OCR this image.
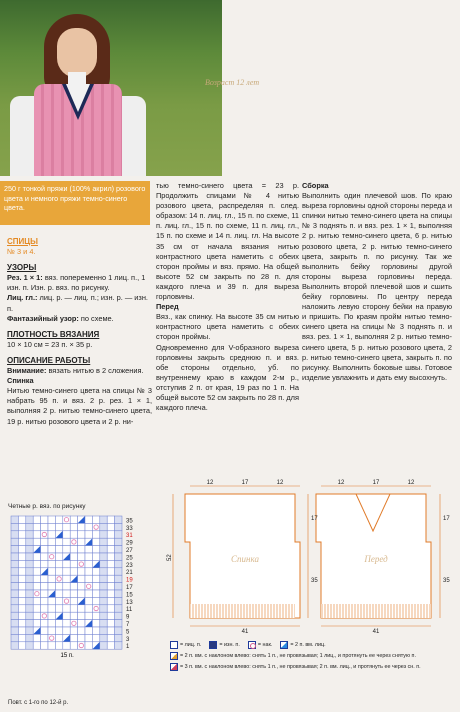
Возраст 12 лет
250 г тонкой пряжи (100% акрил) розового цвета и немного пряжи темно-синего цвета.

СПИЦЫ

№ 3 и 4.

УЗОРЫ

Рез. 1 × 1: вяз. попеременно 1 лиц. п., 1 изн. п. Изн. р. вяз. по рисунку.

Лиц. гл.: лиц. р. — лиц. п.; изн. р. — изн. п.

Фантазийный узор: по схеме.

ПЛОТНОСТЬ ВЯЗАНИЯ

10 × 10 см = 23 п. × 35 р.

ОПИСАНИЕ РАБОТЫ

Внимание: вязать нитью в 2 сложения.

Спинка

Нитью темно-синего цвета на спицы № 3 набрать 95 п. и вяз. 2 р. рез. 1 × 1, выполняя 2 р. нитью темно-синего цвета, 19 р. нитью розового цвета и 2 р. ни-

тью темно-синего цвета = 23 р. Продолжить спицами № 4 нитью розового цвета, распределяя п. след. образом: 14 п. лиц. гл., 15 п. по схеме, 11 п. лиц. гл., 15 п. по схеме, 11 п. лиц. гл., 15 п. по схеме и 14 п. лиц. гл. На высоте 35 см от начала вязания нитью контрастного цвета наметить с обеих сторон проймы и вяз. прямо. На общей высоте 52 см закрыть по 28 п. для каждого плеча и 39 п. для выреза горловины.

Перед

Вяз., как спинку. На высоте 35 см нитью контрастного цвета наметить с обеих сторон проймы.

Одновременно для V-образного выреза горловины закрыть среднюю п. и вяз. обе стороны отдельно, уб. по внутреннему краю в каждом 2-м р., отступив 2 п. от края, 19 раз по 1 п. На общей высоте 52 см закрыть по 28 п. для каждого плеча.

Сборка

Выполнить один плечевой шов. По краю выреза горловины одной стороны переда и спинки нитью темно-синего цвета на спицы № 3 поднять п. и вяз. рез. 1 × 1, выполняя 2 р. нитью темно-синего цвета, 6 р. нитью розового цвета, 2 р. нитью темно-синего цвета, закрыть п. по рисунку. Так же выполнить бейку горловины другой стороны выреза горловины переда. Выполнить второй плечевой шов и сшить бейку горловины. По центру переда наложить левую сторону бейки на правую и пришить. По краям пройм нитью темно-синего цвета на спицы № 3 поднять п. и вяз. рез. 1 × 1, выполняя 2 р. нитью темно-синего цвета, 5 р. нитью розового цвета, 2 р. нитью темно-синего цвета, закрыть п. по рисунку. Выполнить боковые швы. Готовое изделие увлажнить и дать ему высохнуть.

Четные р. вяз. по рисунку
35
33
31
29
27
25
23
21
19
17
15
13
11
9
7
5
3
1
15 п.
Повт. с 1-го по 12-й р.
12	17	12	12	17	12
41	41
52
17
35
17
35
Спинка	Перед
= лиц. п.	= изн. п.	= нак.	= 2 п. вм. лиц.
= 2 п. вм. с наклоном влево: снять 1 п., не провязывая; 1 лиц., и протянуть ее через снятую п.
= 3 п. вм. с наклоном влево: снять 1 п., не провязывая; 2 п. вм. лиц., и протянуть ее через сн. п.
